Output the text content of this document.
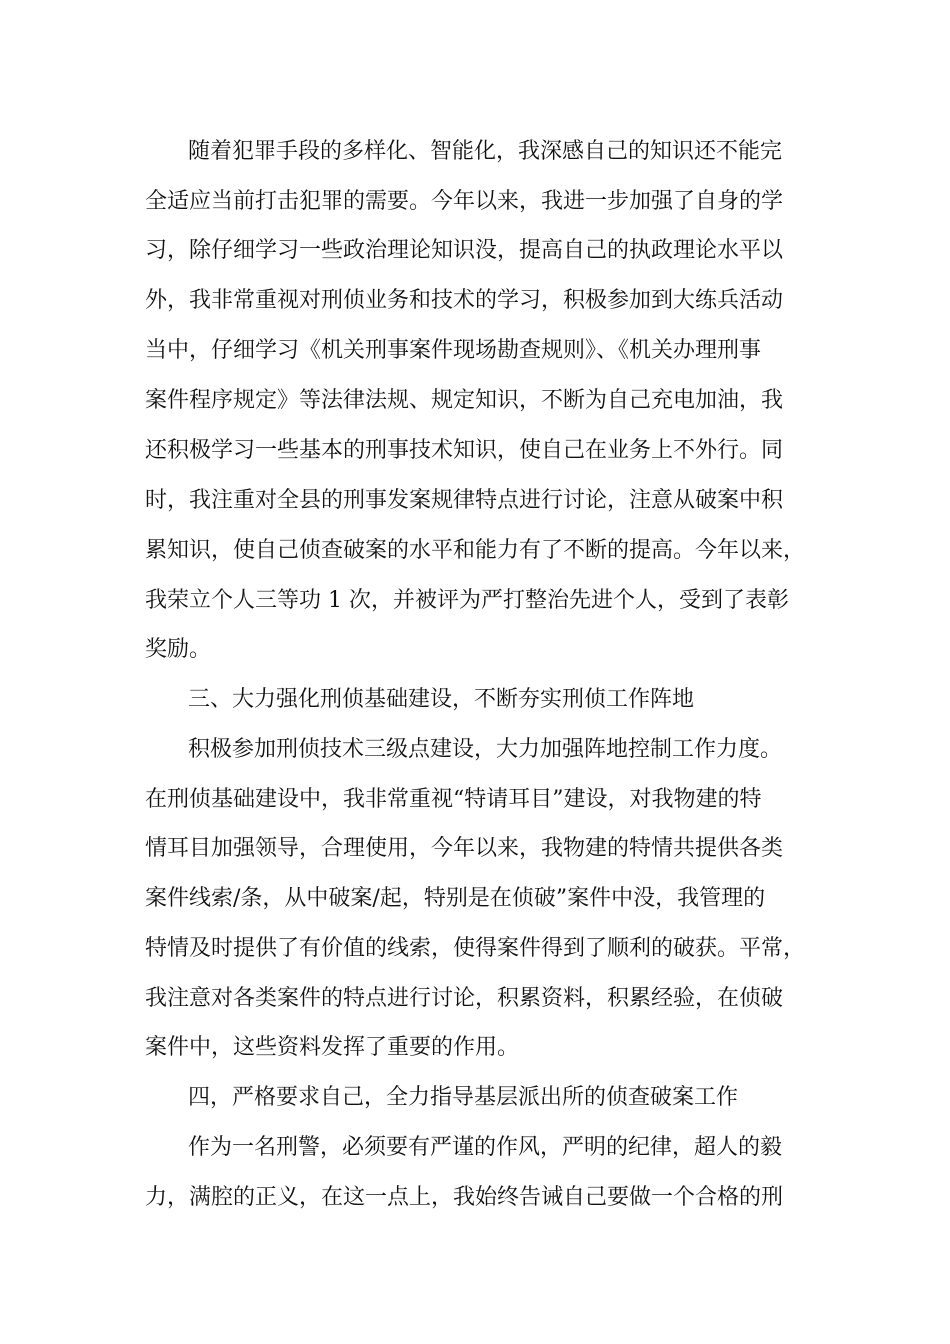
随着犯罪手段的多样化、智能化，我深感自己的知识还不能完
全适应当前打击犯罪的需要。今年以来，我进一步加强了自身的学
习，除仔细学习一些政治理论知识没，提高自己的执政理论水平以
外，我非常重视对刑侦业务和技术的学习，积极参加到大练兵活动
当中，仔细学习《机关刑事案件现场勘查规则》、《机关办理刑事
案件程序规定》等法律法规、规定知识，不断为自己充电加油，我
还积极学习一些基本的刑事技术知识，使自己在业务上不外行。同
时，我注重对全县的刑事发案规律特点进行讨论，注意从破案中积
累知识，使自己侦查破案的水平和能力有了不断的提高。今年以来，
我荣立个人三等功 1 次，并被评为严打整治先进个人，受到了表彰
奖励。
三、大力强化刑侦基础建设，不断夯实刑侦工作阵地
积极参加刑侦技术三级点建设，大力加强阵地控制工作力度。
在刑侦基础建设中，我非常重视“特请耳目”建设，对我物建的特
情耳目加强领导，合理使用，今年以来，我物建的特情共提供各类
案件线索/条，从中破案/起，特别是在侦破”案件中没，我管理的
特情及时提供了有价值的线索，使得案件得到了顺利的破获。平常，
我注意对各类案件的特点进行讨论，积累资料，积累经验，在侦破
案件中，这些资料发挥了重要的作用。
四，严格要求自己，全力指导基层派出所的侦查破案工作
作为一名刑警，必须要有严谨的作风，严明的纪律，超人的毅
力，满腔的正义，在这一点上，我始终告诫自己要做一个合格的刑
